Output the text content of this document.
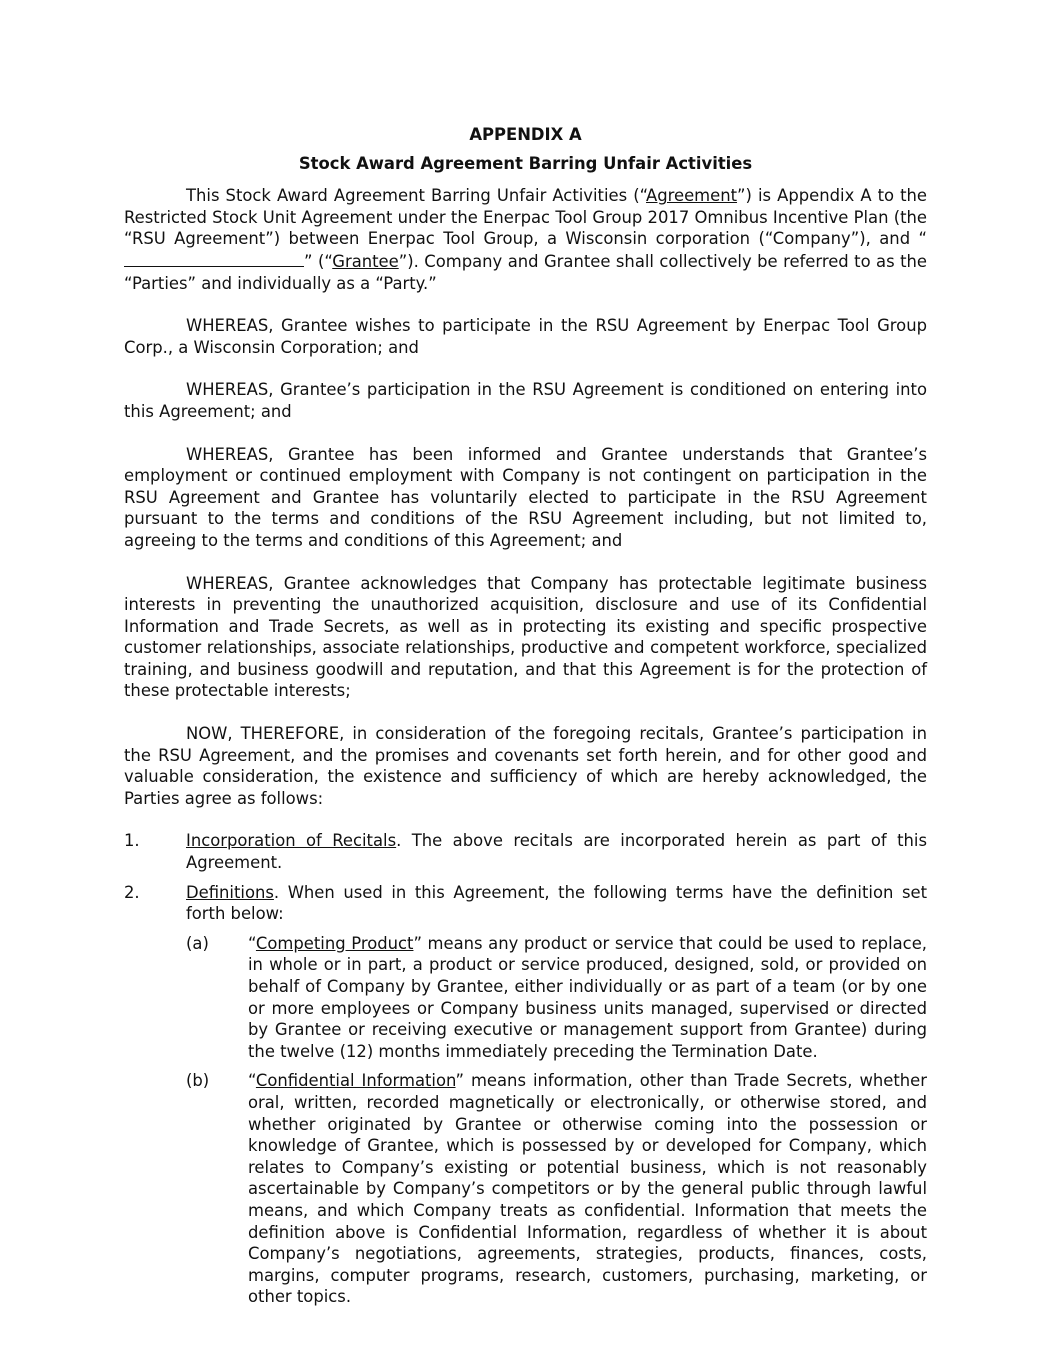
APPENDIX A

Stock Award Agreement Barring Unfair Activities

This Stock Award Agreement Barring Unfair Activities (“Agreement”) is Appendix A to the Restricted Stock Unit Agreement under the Enerpac Tool Group 2017 Omnibus Incentive Plan (the “RSU Agreement”) between Enerpac Tool Group, a Wisconsin corporation (“Company”), and “” (“Grantee”). Company and Grantee shall collectively be referred to as the “Parties” and individually as a “Party.”

WHEREAS, Grantee wishes to participate in the RSU Agreement by Enerpac Tool Group Corp., a Wisconsin Corporation; and

WHEREAS, Grantee’s participation in the RSU Agreement is conditioned on entering into this Agreement; and

WHEREAS, Grantee has been informed and Grantee understands that Grantee’s employment or continued employment with Company is not contingent on participation in the RSU Agreement and Grantee has voluntarily elected to participate in the RSU Agreement pursuant to the terms and conditions of the RSU Agreement including, but not limited to, agreeing to the terms and conditions of this Agreement; and

WHEREAS, Grantee acknowledges that Company has protectable legitimate business interests in preventing the unauthorized acquisition, disclosure and use of its Confidential Information and Trade Secrets, as well as in protecting its existing and specific prospective customer relationships, associate relationships, productive and competent workforce, specialized training, and business goodwill and reputation, and that this Agreement is for the protection of these protectable interests;

NOW, THEREFORE, in consideration of the foregoing recitals, Grantee’s participation in the RSU Agreement, and the promises and covenants set forth herein, and for other good and valuable consideration, the existence and sufficiency of which are hereby acknowledged, the Parties agree as follows:

1.	Incorporation of Recitals. The above recitals are incorporated herein as part of this Agreement.
2.	Definitions. When used in this Agreement, the following terms have the definition set forth below:
(a) “Competing Product” means any product or service that could be used to replace, in whole or in part, a product or service produced, designed, sold, or provided on behalf of Company by Grantee, either individually or as part of a team (or by one or more employees or Company business units managed, supervised or directed by Grantee or receiving executive or management support from Grantee) during the twelve (12) months immediately preceding the Termination Date.
(b) “Confidential Information” means information, other than Trade Secrets, whether oral, written, recorded magnetically or electronically, or otherwise stored, and whether originated by Grantee or otherwise coming into the possession or knowledge of Grantee, which is possessed by or developed for Company, which relates to Company’s existing or potential business, which is not reasonably ascertainable by Company’s competitors or by the general public through lawful means, and which Company treats as confidential. Information that meets the definition above is Confidential Information, regardless of whether it is about Company’s negotiations, agreements, strategies, products, finances, costs, margins, computer programs, research, customers, purchasing, marketing, or other topics.
